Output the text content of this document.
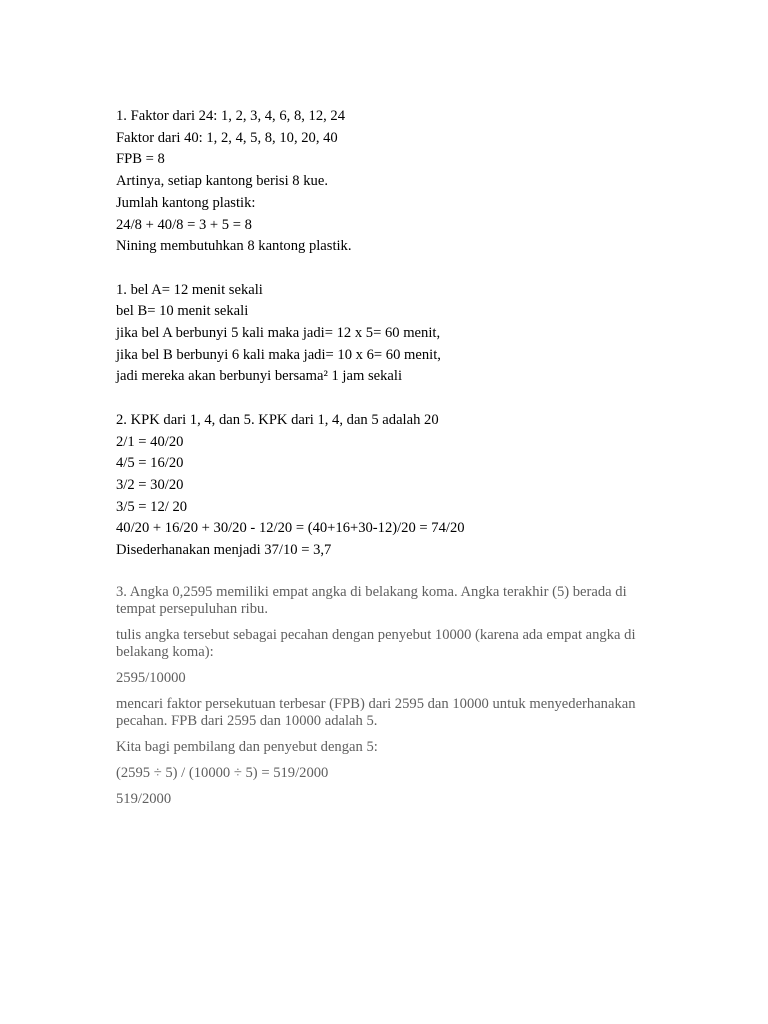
1. Faktor dari 24: 1, 2, 3, 4, 6, 8, 12, 24
Faktor dari 40: 1, 2, 4, 5, 8, 10, 20, 40
FPB = 8
Artinya, setiap kantong berisi 8 kue.
Jumlah kantong plastik:
24/8 + 40/8 = 3 + 5 = 8
Nining membutuhkan 8 kantong plastik.
1. bel A= 12 menit sekali
bel B= 10 menit sekali
jika bel A berbunyi 5 kali maka jadi= 12 x 5= 60 menit,
jika bel B berbunyi 6 kali maka jadi= 10 x 6= 60 menit,
jadi mereka akan berbunyi bersama² 1 jam sekali
2. KPK dari 1, 4, dan 5. KPK dari 1, 4, dan 5 adalah 20
2/1 = 40/20
4/5 = 16/20
3/2 = 30/20
3/5 = 12/ 20
40/20 + 16/20 + 30/20 - 12/20 = (40+16+30-12)/20 = 74/20
Disederhanakan menjadi 37/10 = 3,7

3. Angka 0,2595 memiliki empat angka di belakang koma. Angka terakhir (5) berada di tempat persepuluhan ribu.

tulis angka tersebut sebagai pecahan dengan penyebut 10000 (karena ada empat angka di belakang koma):

2595/10000

mencari faktor persekutuan terbesar (FPB) dari 2595 dan 10000 untuk menyederhanakan pecahan. FPB dari 2595 dan 10000 adalah 5.

Kita bagi pembilang dan penyebut dengan 5:

(2595 ÷ 5) / (10000 ÷ 5) = 519/2000

519/2000
